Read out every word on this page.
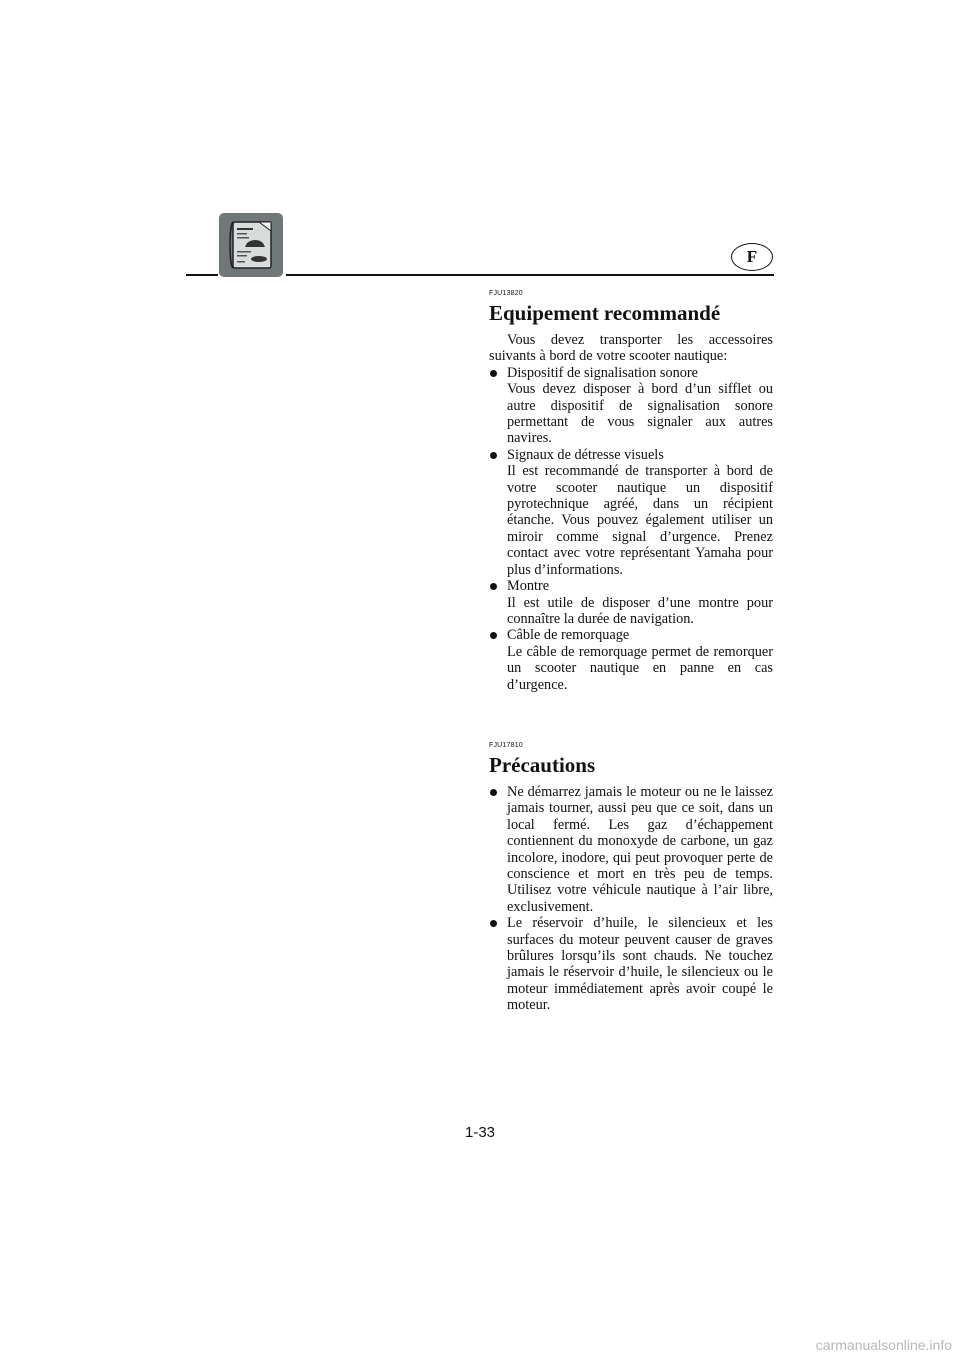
F
FJU13820
Equipement recommandé

Vous devez transporter les accessoires suivants à bord de votre scooter nautique:

Dispositif de signalisation sonore

Vous devez disposer à bord d’un sifflet ou autre dispositif de signalisation sonore permettant de vous signaler aux autres navires.

Signaux de détresse visuels

Il est recommandé de transporter à bord de votre scooter nautique un dispositif pyrotechnique agréé, dans un récipient étanche. Vous pouvez également utiliser un miroir comme signal d’urgence. Prenez contact avec votre représentant Yamaha pour plus d’informations.

Montre

Il est utile de disposer d’une montre pour connaître la durée de navigation.

Câble de remorquage

Le câble de remorquage permet de remorquer un scooter nautique en panne en cas d’urgence.

FJU17810
Précautions

Ne démarrez jamais le moteur ou ne le laissez jamais tourner, aussi peu que ce soit, dans un local fermé. Les gaz d’échappement contiennent du monoxyde de carbone, un gaz incolore, inodore, qui peut provoquer perte de conscience et mort en très peu de temps. Utilisez votre véhicule nautique à l’air libre, exclusivement.

Le réservoir d’huile, le silencieux et les surfaces du moteur peuvent causer de graves brûlures lorsqu’ils sont chauds. Ne touchez jamais le réservoir d’huile, le silencieux ou le moteur immédiatement après avoir coupé le moteur.

1-33
carmanualsonline.info
